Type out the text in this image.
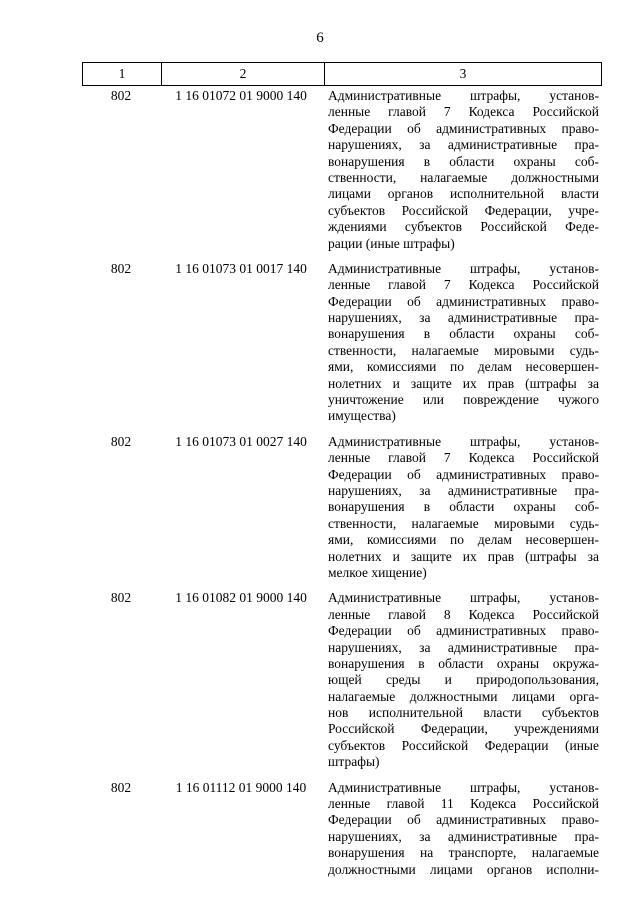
6
1	2	3
802	1 16 01072 01 9000 140	Административные штрафы, установ-
ленные главой 7 Кодекса Российской
Федерации об административных право-
нарушениях, за административные пра-
вонарушения в области охраны соб-
ственности, налагаемые должностными
лицами органов исполнительной власти
субъектов Российской Федерации, учре-
ждениями субъектов Российской Феде-
рации (иные штрафы)
802	1 16 01073 01 0017 140	Административные штрафы, установ-
ленные главой 7 Кодекса Российской
Федерации об административных право-
нарушениях, за административные пра-
вонарушения в области охраны соб-
ственности, налагаемые мировыми судь-
ями, комиссиями по делам несовершен-
нолетних и защите их прав (штрафы за
уничтожение или повреждение чужого
имущества)
802	1 16 01073 01 0027 140	Административные штрафы, установ-
ленные главой 7 Кодекса Российской
Федерации об административных право-
нарушениях, за административные пра-
вонарушения в области охраны соб-
ственности, налагаемые мировыми судь-
ями, комиссиями по делам несовершен-
нолетних и защите их прав (штрафы за
мелкое хищение)
802	1 16 01082 01 9000 140	Административные штрафы, установ-
ленные главой 8 Кодекса Российской
Федерации об административных право-
нарушениях, за административные пра-
вонарушения в области охраны окружа-
ющей среды и природопользования,
налагаемые должностными лицами орга-
нов исполнительной власти субъектов
Российской Федерации, учреждениями
субъектов Российской Федерации (иные
штрафы)
802	1 16 01112 01 9000 140	Административные штрафы, установ-
ленные главой 11 Кодекса Российской
Федерации об административных право-
нарушениях, за административные пра-
вонарушения на транспорте, налагаемые
должностными лицами органов исполни-
